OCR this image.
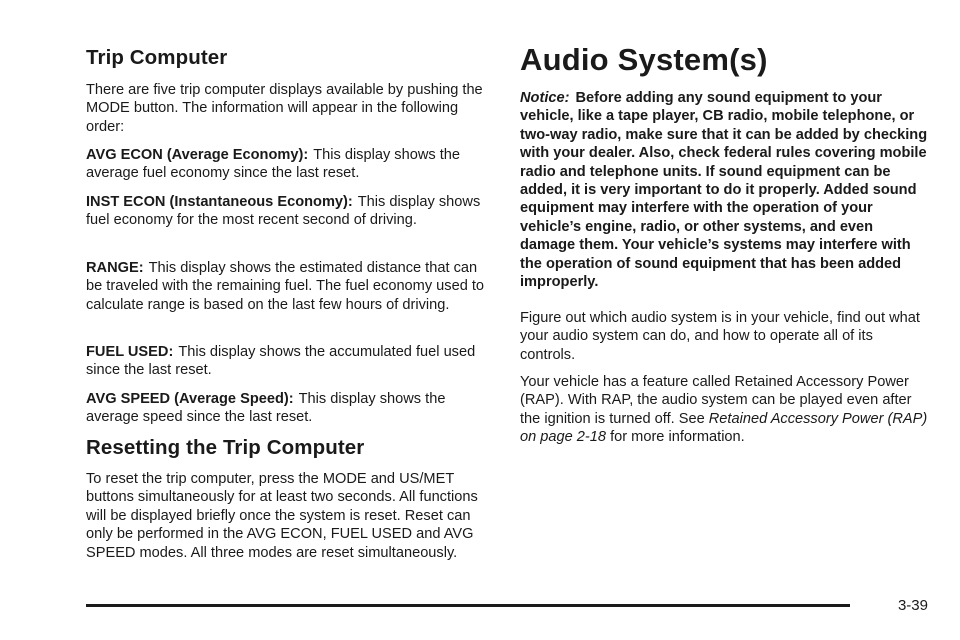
Trip Computer

There are five trip computer displays available by pushing the MODE button. The information will appear in the following order:

AVG ECON (Average Economy): This display shows the average fuel economy since the last reset.

INST ECON (Instantaneous Economy): This display shows fuel economy for the most recent second of driving.

RANGE: This display shows the estimated distance that can be traveled with the remaining fuel. The fuel economy used to calculate range is based on the last few hours of driving.

FUEL USED: This display shows the accumulated fuel used since the last reset.

AVG SPEED (Average Speed): This display shows the average speed since the last reset.

Resetting the Trip Computer

To reset the trip computer, press the MODE and US/MET buttons simultaneously for at least two seconds. All functions will be displayed briefly once the system is reset. Reset can only be performed in the AVG ECON, FUEL USED and AVG SPEED modes. All three modes are reset simultaneously.

Audio System(s)

Notice: Before adding any sound equipment to your vehicle, like a tape player, CB radio, mobile telephone, or two-way radio, make sure that it can be added by checking with your dealer. Also, check federal rules covering mobile radio and telephone units. If sound equipment can be added, it is very important to do it properly. Added sound equipment may interfere with the operation of your vehicle’s engine, radio, or other systems, and even damage them. Your vehicle’s systems may interfere with the operation of sound equipment that has been added improperly.

Figure out which audio system is in your vehicle, find out what your audio system can do, and how to operate all of its controls.

Your vehicle has a feature called Retained Accessory Power (RAP). With RAP, the audio system can be played even after the ignition is turned off. See Retained Accessory Power (RAP) on page 2-18 for more information.

3-39
